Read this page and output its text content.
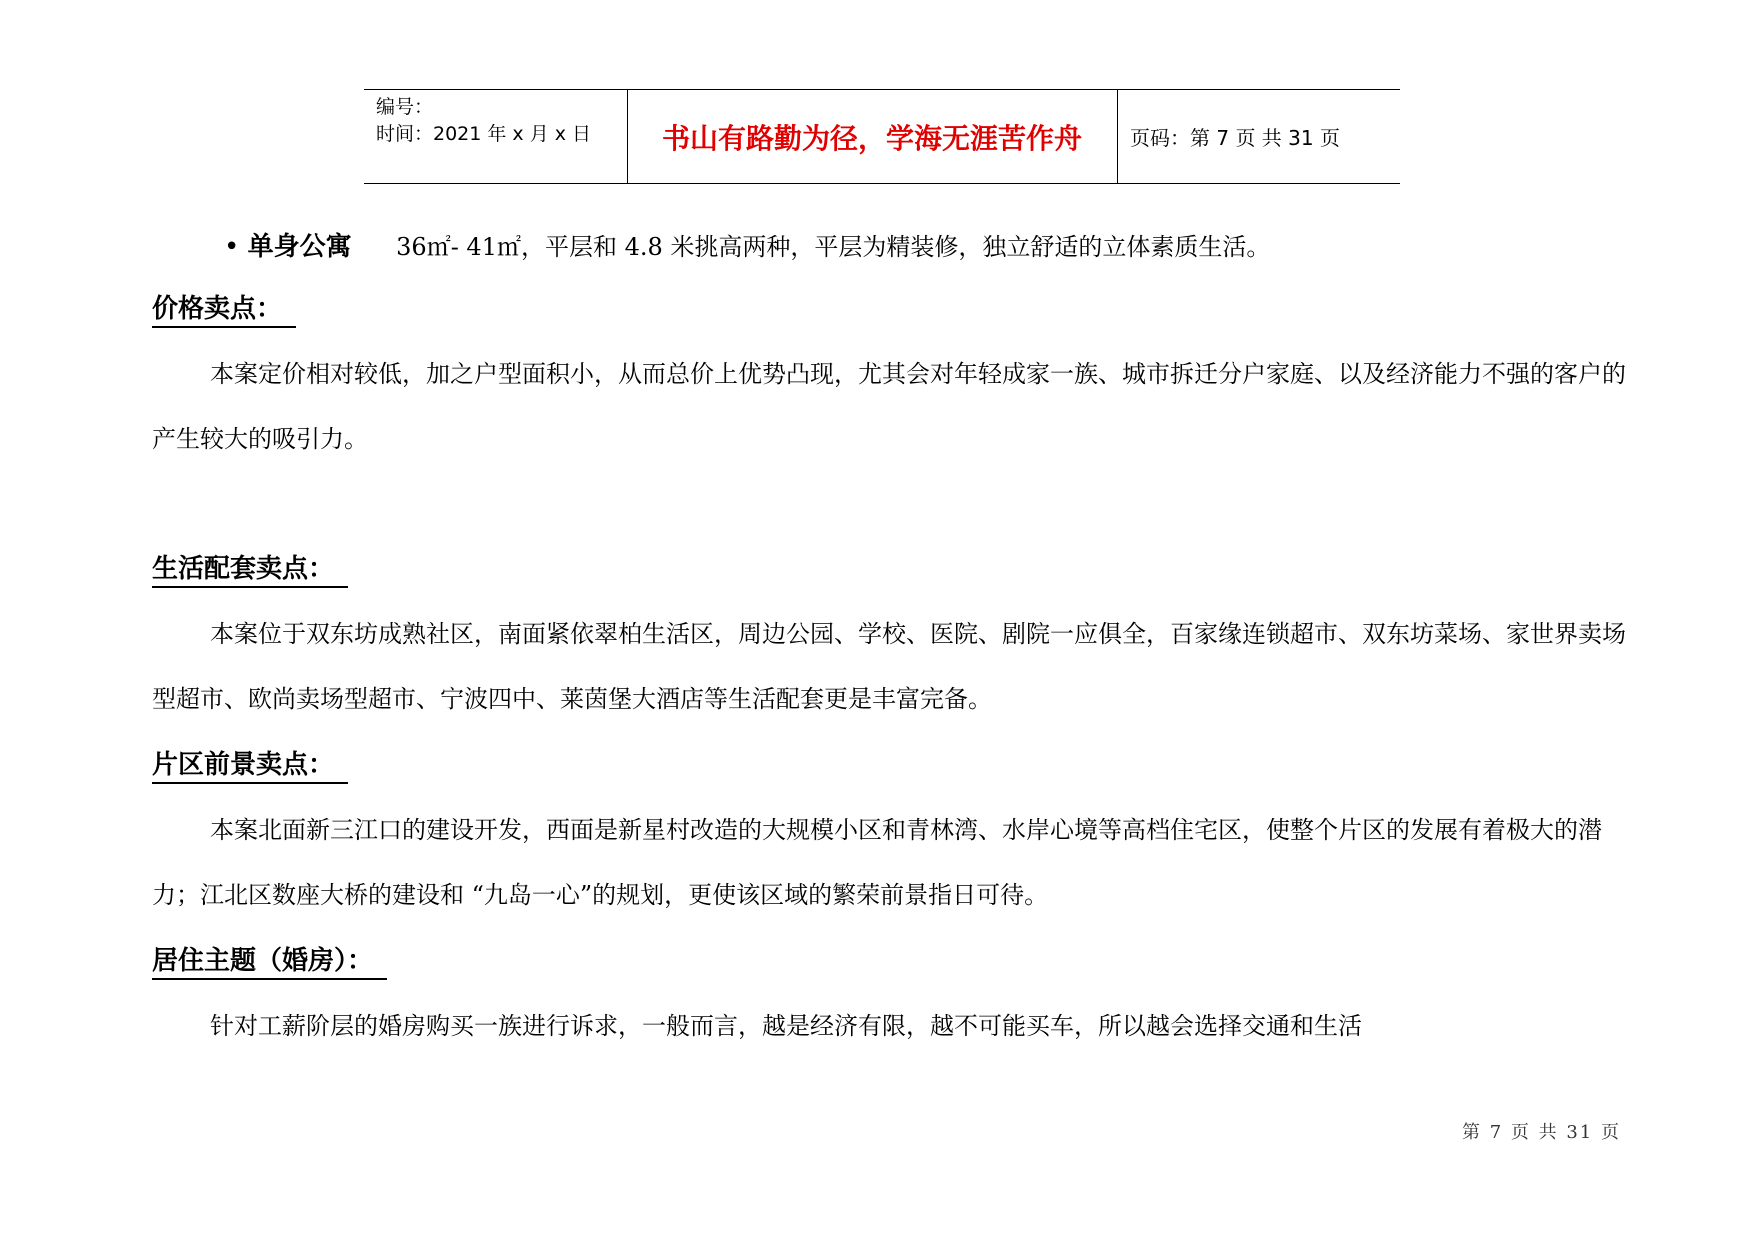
编号：
时间：2021 年 x 月 x 日	书山有路勤为径，学海无涯苦作舟	页码：第 7 页 共 31 页
• 单身公寓 36㎡- 41㎡，平层和 4.8 米挑高两种，平层为精装修，独立舒适的立体素质生活。
价格卖点：
本案定价相对较低，加之户型面积小，从而总价上优势凸现，尤其会对年轻成家一族、城市拆迁分户家庭、以及经济能力不强的客户的产生较大的吸引力。
生活配套卖点：
本案位于双东坊成熟社区，南面紧依翠柏生活区，周边公园、学校、医院、剧院一应俱全，百家缘连锁超市、双东坊菜场、家世界卖场型超市、欧尚卖场型超市、宁波四中、莱茵堡大酒店等生活配套更是丰富完备。
片区前景卖点：
本案北面新三江口的建设开发，西面是新星村改造的大规模小区和青林湾、水岸心境等高档住宅区，使整个片区的发展有着极大的潜力；江北区数座大桥的建设和 “九岛一心”的规划，更使该区域的繁荣前景指日可待。
居住主题（婚房）：
针对工薪阶层的婚房购买一族进行诉求，一般而言，越是经济有限，越不可能买车，所以越会选择交通和生活
第 7 页 共 31 页
